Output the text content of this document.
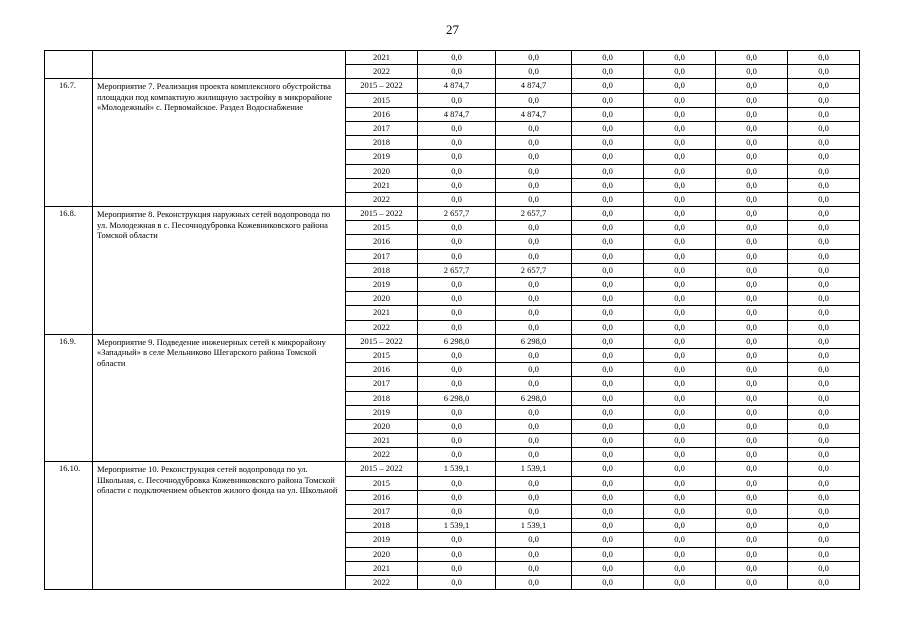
27
		2021	0,0	0,0	0,0	0,0	0,0	0,0
		2022	0,0	0,0	0,0	0,0	0,0	0,0
16.7.	Мероприятие 7. Реализация проекта комплексного обустройства площадки под компактную жилищную застройку в микрорайоне «Молодежный» с. Первомайское. Раздел Водоснабжение	2015 – 2022	4 874,7	4 874,7	0,0	0,0	0,0	0,0
		2015	0,0	0,0	0,0	0,0	0,0	0,0
		2016	4 874,7	4 874,7	0,0	0,0	0,0	0,0
		2017	0,0	0,0	0,0	0,0	0,0	0,0
		2018	0,0	0,0	0,0	0,0	0,0	0,0
		2019	0,0	0,0	0,0	0,0	0,0	0,0
		2020	0,0	0,0	0,0	0,0	0,0	0,0
		2021	0,0	0,0	0,0	0,0	0,0	0,0
		2022	0,0	0,0	0,0	0,0	0,0	0,0
16.8.	Мероприятие 8. Реконструкция наружных сетей водопровода по ул. Молодежная в с. Песочнодубровка Кожевниковского района Томской области	2015 – 2022	2 657,7	2 657,7	0,0	0,0	0,0	0,0
		2015	0,0	0,0	0,0	0,0	0,0	0,0
		2016	0,0	0,0	0,0	0,0	0,0	0,0
		2017	0,0	0,0	0,0	0,0	0,0	0,0
		2018	2 657,7	2 657,7	0,0	0,0	0,0	0,0
		2019	0,0	0,0	0,0	0,0	0,0	0,0
		2020	0,0	0,0	0,0	0,0	0,0	0,0
		2021	0,0	0,0	0,0	0,0	0,0	0,0
		2022	0,0	0,0	0,0	0,0	0,0	0,0
16.9.	Мероприятие 9. Подведение инженерных сетей к микрорайону «Западный» в селе Мельниково Шегарского района Томской области	2015 – 2022	6 298,0	6 298,0	0,0	0,0	0,0	0,0
		2015	0,0	0,0	0,0	0,0	0,0	0,0
		2016	0,0	0,0	0,0	0,0	0,0	0,0
		2017	0,0	0,0	0,0	0,0	0,0	0,0
		2018	6 298,0	6 298,0	0,0	0,0	0,0	0,0
		2019	0,0	0,0	0,0	0,0	0,0	0,0
		2020	0,0	0,0	0,0	0,0	0,0	0,0
		2021	0,0	0,0	0,0	0,0	0,0	0,0
		2022	0,0	0,0	0,0	0,0	0,0	0,0
16.10.	Мероприятие 10. Реконструкция сетей водопровода по ул. Школьная, с. Песочнодубровка Кожевниковского района Томской области с подключением объектов жилого фонда на ул. Школьной	2015 – 2022	1 539,1	1 539,1	0,0	0,0	0,0	0,0
		2015	0,0	0,0	0,0	0,0	0,0	0,0
		2016	0,0	0,0	0,0	0,0	0,0	0,0
		2017	0,0	0,0	0,0	0,0	0,0	0,0
		2018	1 539,1	1 539,1	0,0	0,0	0,0	0,0
		2019	0,0	0,0	0,0	0,0	0,0	0,0
		2020	0,0	0,0	0,0	0,0	0,0	0,0
		2021	0,0	0,0	0,0	0,0	0,0	0,0
		2022	0,0	0,0	0,0	0,0	0,0	0,0
